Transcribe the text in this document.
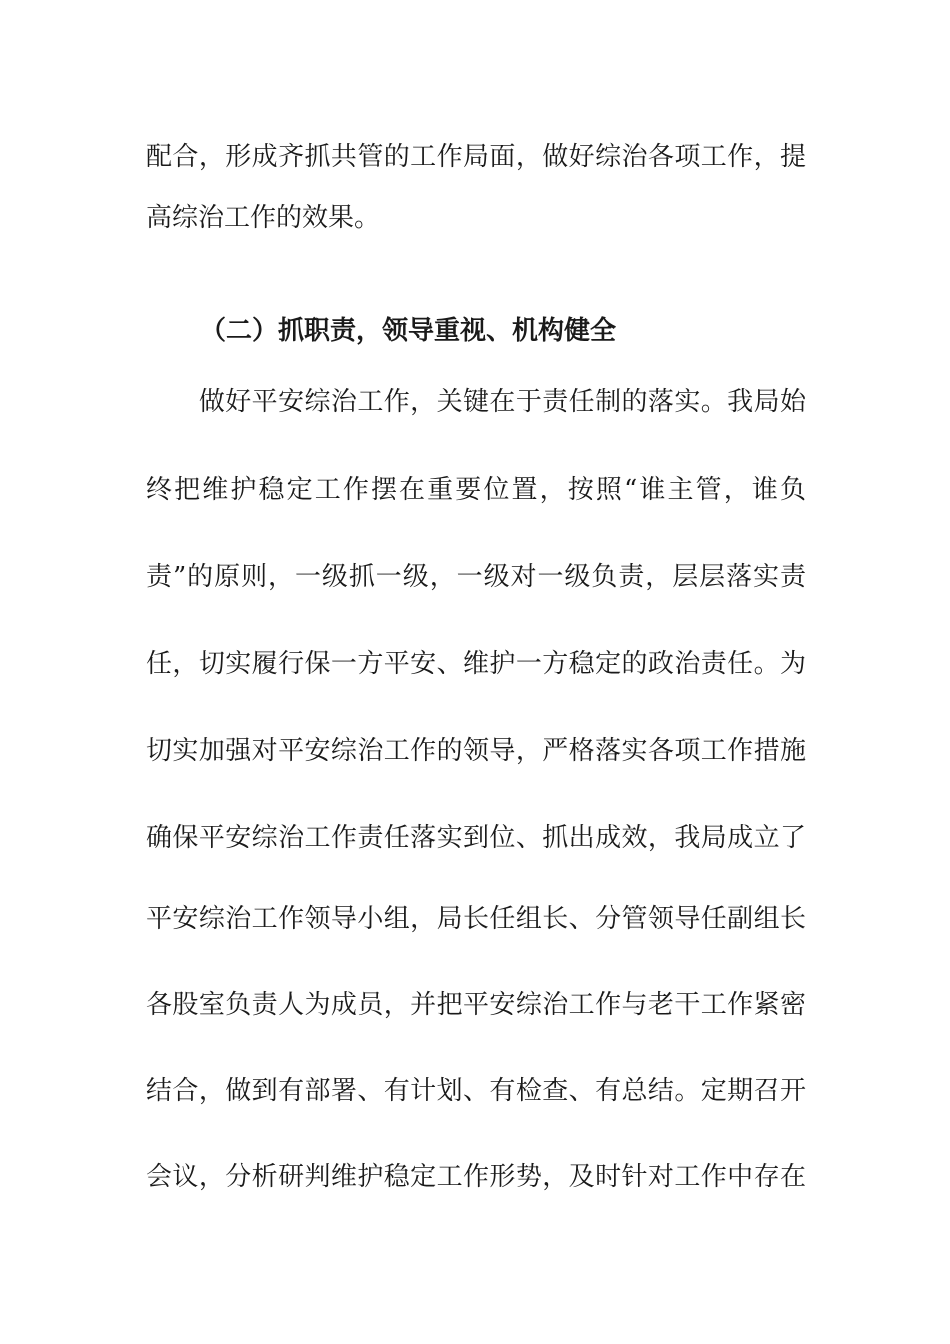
配合，形成齐抓共管的工作局面，做好综治各项工作，提
高综治工作的效果。
（二）抓职责，领导重视、机构健全
　　做好平安综治工作，关键在于责任制的落实。我局始
终把维护稳定工作摆在重要位置，按照“谁主管，谁负
责”的原则，一级抓一级，一级对一级负责，层层落实责
任，切实履行保一方平安、维护一方稳定的政治责任。为
切实加强对平安综治工作的领导，严格落实各项工作措施
确保平安综治工作责任落实到位、抓出成效，我局成立了
平安综治工作领导小组，局长任组长、分管领导任副组长
各股室负责人为成员，并把平安综治工作与老干工作紧密
结合，做到有部署、有计划、有检查、有总结。定期召开
会议，分析研判维护稳定工作形势，及时针对工作中存在
